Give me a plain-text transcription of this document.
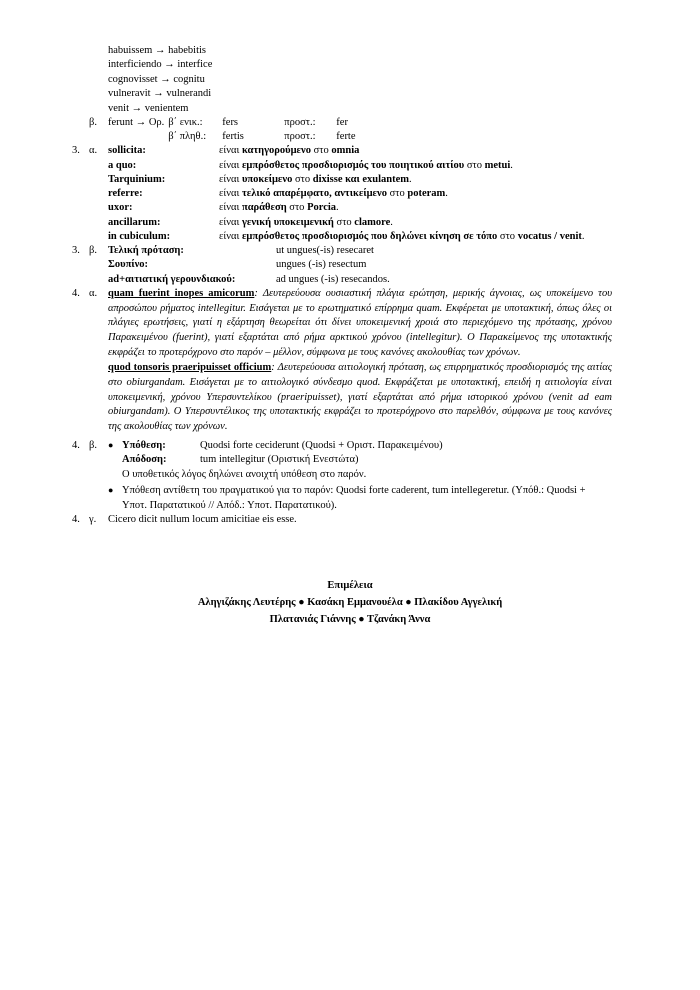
habuissem → habebitis
interficiendo → interfice
cognovisset → cognitu
vulneravit → vulnerandi
venit → venientem
β.	ferunt → Ορ. β΄ ενικ.:	fers	προστ.:	fer
β΄ πληθ.:	fertis	προστ.:	ferte
3. α.	sollicita:	είναι κατηγορούμενο στο omnia
a quo:	είναι εμπρόσθετος προσδιορισμός του ποιητικού αιτίου στο metui.
Tarquinium:	είναι υποκείμενο στο dixisse και exulantem.
referre:	είναι τελικό απαρέμφατο, αντικείμενο στο poteram.
uxor:	είναι παράθεση στο Porcia.
ancillarum:	είναι γενική υποκειμενική στο clamore.
in cubiculum:	είναι εμπρόσθετος προσδιορισμός που δηλώνει κίνηση σε τόπο στο vocatus / venit.
3. β.	Τελική πρόταση:	ut ungues(-is) resecaret
Σουπίνο:	ungues (-is) resectum
ad+αιτιατική γερουνδιακού:	ad ungues (-is) resecandos.
4. α.	quam fuerint inopes amicorum: Δευτερεύουσα ουσιαστική πλάγια ερώτηση, μερικής άγνοιας, ως υποκείμενο του απροσώπου ρήματος intellegitur. Εισάγεται με το ερωτηματικό επίρρημα quam. Εκφέρεται με υποτακτική, όπως όλες οι πλάγιες ερωτήσεις, γιατί η εξάρτηση θεωρείται ότι δίνει υποκειμενική χροιά στο περιεχόμενο της πρότασης, χρόνου Παρακειμένου (fuerint), γιατί εξαρτάται από ρήμα αρκτικού χρόνου (intellegitur). Ο Παρακείμενος της υποτακτικής εκφράζει το προτερόχρονο στο παρόν – μέλλον, σύμφωνα με τους κανόνες ακολουθίας των χρόνων.

quod tonsoris praeripuisset officium: Δευτερεύουσα αιτιολογική πρόταση, ως επιρρηματικός προσδιορισμός της αιτίας στο obiurgandam. Εισάγεται με το αιτιολογικό σύνδεσμο quod. Εκφράζεται με υποτακτική, επειδή η αιτιολογία είναι υποκειμενική, χρόνου Υπερσυντελίκου (praeripuisset), γιατί εξαρτάται από ρήμα ιστορικού χρόνου (venit ad eam obiurgandam). Ο Υπερσυντέλικος της υποτακτικής εκφράζει το προτερόχρονο στο παρελθόν, σύμφωνα με τους κανόνες της ακολουθίας των χρόνων.

4. β.	● Υπόθεση:	Quodsi forte ceciderunt (Quodsi + Οριστ. Παρακειμένου)
Απόδοση:	tum intellegitur (Οριστική Ενεστώτα)
Ο υποθετικός λόγος δηλώνει ανοιχτή υπόθεση στο παρόν.
● Υπόθεση αντίθετη του πραγματικού για το παρόν: Quodsi forte caderent, tum intellegeretur. (Υπόθ.: Quodsi +
Υποτ. Παρατατικού // Απόδ.: Υποτ. Παρατατικού).
4. γ.	Cicero dicit nullum locum amicitiae eis esse.
Επιμέλεια
Αληγιζάκης Λευτέρης ● Κασάκη Εμμανουέλα ● Πλακίδου Αγγελική
Πλατανιάς Γιάννης ● Τζανάκη Άννα
